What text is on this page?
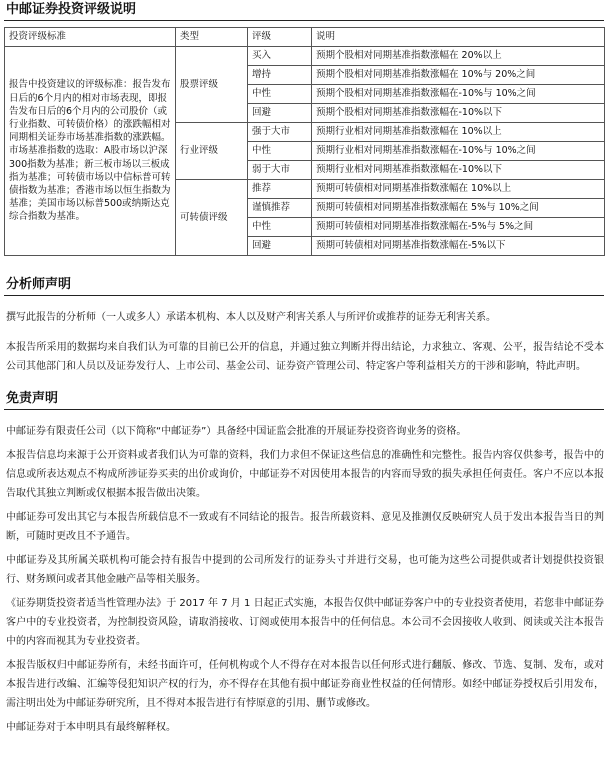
中邮证券投资评级说明
投资评级标准	类型	评级	说明
报告中投资建议的评级标准：报告发布日后的6个月内的相对市场表现，即报告发布日后的6个月内的公司股价（或行业指数、可转债价格）的涨跌幅相对同期相关证券市场基准指数的涨跌幅。
市场基准指数的选取：A股市场以沪深300指数为基准；新三板市场以三板成指为基准；可转债市场以中信标普可转债指数为基准；香港市场以恒生指数为基准；美国市场以标普500或纳斯达克综合指数为基准。	股票评级	买入	预期个股相对同期基准指数涨幅在 20%以上
		增持	预期个股相对同期基准指数涨幅在 10%与 20%之间
		中性	预期个股相对同期基准指数涨幅在-10%与 10%之间
		回避	预期个股相对同期基准指数涨幅在-10%以下
	行业评级	强于大市	预期行业相对同期基准指数涨幅在 10%以上
		中性	预期行业相对同期基准指数涨幅在-10%与 10%之间
		弱于大市	预期行业相对同期基准指数涨幅在-10%以下
	可转债评级	推荐	预期可转债相对同期基准指数涨幅在 10%以上
		谨慎推荐	预期可转债相对同期基准指数涨幅在 5%与 10%之间
		中性	预期可转债相对同期基准指数涨幅在-5%与 5%之间
		回避	预期可转债相对同期基准指数涨幅在-5%以下
分析师声明

撰写此报告的分析师（一人或多人）承诺本机构、本人以及财产利害关系人与所评价或推荐的证券无利害关系。

本报告所采用的数据均来自我们认为可靠的目前已公开的信息，并通过独立判断并得出结论，力求独立、客观、公平，报告结论不受本公司其他部门和人员以及证券发行人、上市公司、基金公司、证券资产管理公司、特定客户等利益相关方的干涉和影响，特此声明。

免责声明

中邮证券有限责任公司（以下简称“中邮证券”）具备经中国证监会批准的开展证券投资咨询业务的资格。

本报告信息均来源于公开资料或者我们认为可靠的资料，我们力求但不保证这些信息的准确性和完整性。报告内容仅供参考，报告中的信息或所表达观点不构成所涉证券买卖的出价或询价，中邮证券不对因使用本报告的内容而导致的损失承担任何责任。客户不应以本报告取代其独立判断或仅根据本报告做出决策。

中邮证券可发出其它与本报告所载信息不一致或有不同结论的报告。报告所载资料、意见及推测仅反映研究人员于发出本报告当日的判断，可随时更改且不予通告。

中邮证券及其所属关联机构可能会持有报告中提到的公司所发行的证券头寸并进行交易，也可能为这些公司提供或者计划提供投资银行、财务顾问或者其他金融产品等相关服务。

《证券期货投资者适当性管理办法》于 2017 年 7 月 1 日起正式实施，本报告仅供中邮证券客户中的专业投资者使用，若您非中邮证券客户中的专业投资者，为控制投资风险，请取消接收、订阅或使用本报告中的任何信息。本公司不会因接收人收到、阅读或关注本报告中的内容而视其为专业投资者。

本报告版权归中邮证券所有，未经书面许可，任何机构或个人不得存在对本报告以任何形式进行翻版、修改、节选、复制、发布，或对本报告进行改编、汇编等侵犯知识产权的行为，亦不得存在其他有损中邮证券商业性权益的任何情形。如经中邮证券授权后引用发布，需注明出处为中邮证券研究所，且不得对本报告进行有悖原意的引用、删节或修改。

中邮证券对于本申明具有最终解释权。
